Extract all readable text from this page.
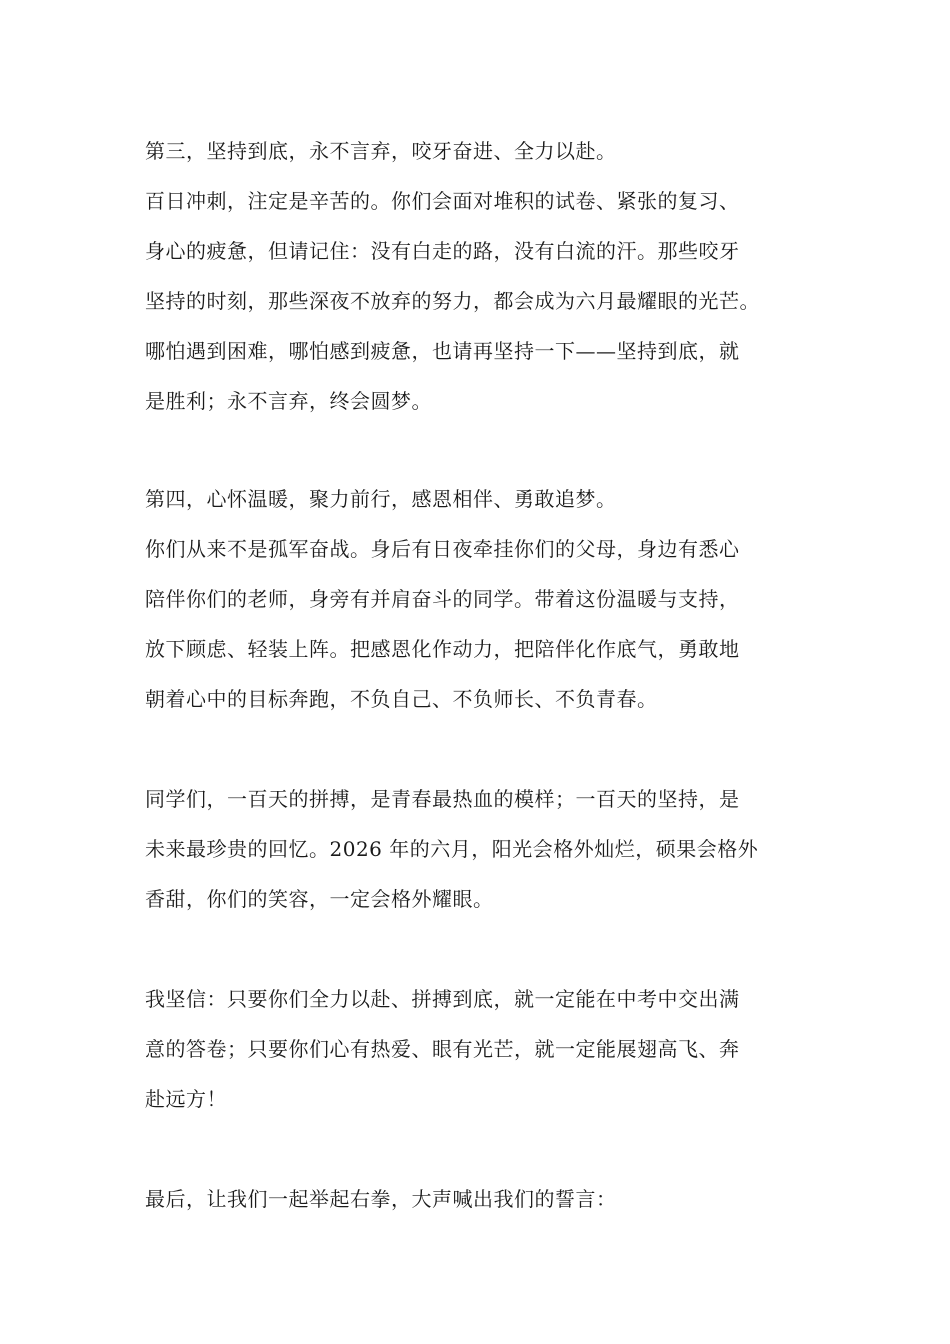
第三，坚持到底，永不言弃，咬牙奋进、全力以赴。
百日冲刺，注定是辛苦的。你们会面对堆积的试卷、紧张的复习、
身心的疲惫，但请记住：没有白走的路，没有白流的汗。那些咬牙
坚持的时刻，那些深夜不放弃的努力，都会成为六月最耀眼的光芒。
哪怕遇到困难，哪怕感到疲惫，也请再坚持一下——坚持到底，就
是胜利；永不言弃，终会圆梦。
第四，心怀温暖，聚力前行，感恩相伴、勇敢追梦。
你们从来不是孤军奋战。身后有日夜牵挂你们的父母，身边有悉心
陪伴你们的老师，身旁有并肩奋斗的同学。带着这份温暖与支持，
放下顾虑、轻装上阵。把感恩化作动力，把陪伴化作底气，勇敢地
朝着心中的目标奔跑，不负自己、不负师长、不负青春。
同学们，一百天的拼搏，是青春最热血的模样；一百天的坚持，是
未来最珍贵的回忆。2026 年的六月，阳光会格外灿烂，硕果会格外
香甜，你们的笑容，一定会格外耀眼。
我坚信：只要你们全力以赴、拼搏到底，就一定能在中考中交出满
意的答卷；只要你们心有热爱、眼有光芒，就一定能展翅高飞、奔
赴远方！
最后，让我们一起举起右拳，大声喊出我们的誓言：
